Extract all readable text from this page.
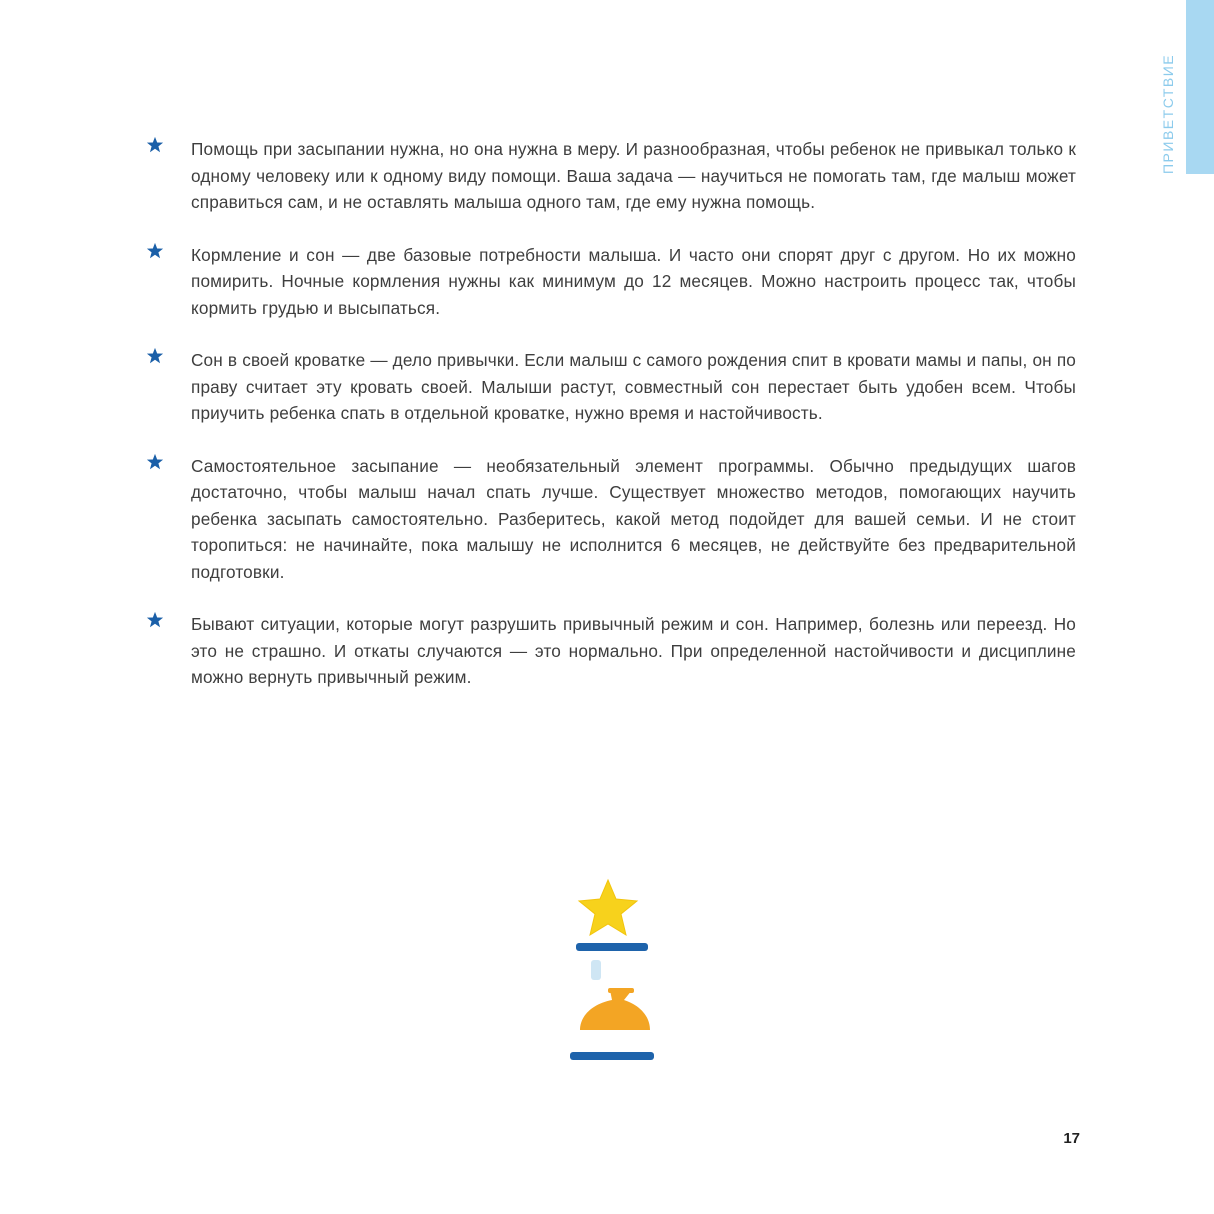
ПРИВЕТСТВИЕ
Помощь при засыпании нужна, но она нужна в меру. И разнообразная, чтобы ребенок не привыкал только к одному человеку или к одному виду помощи. Ваша задача — научиться не помогать там, где малыш может справиться сам, и не оставлять малыша одного там, где ему нужна помощь.
Кормление и сон — две базовые потребности малыша. И часто они спорят друг с другом. Но их можно помирить. Ночные кормления нужны как минимум до 12 месяцев. Можно настроить процесс так, чтобы кормить грудью и высыпаться.
Сон в своей кроватке — дело привычки. Если малыш с самого рождения спит в кровати мамы и папы, он по праву считает эту кровать своей. Малыши растут, совместный сон перестает быть удобен всем. Чтобы приучить ребенка спать в отдельной кроватке, нужно время и настойчивость.
Самостоятельное засыпание — необязательный элемент программы. Обычно предыдущих шагов достаточно, чтобы малыш начал спать лучше. Существует множество методов, помогающих научить ребенка засыпать самостоятельно. Разберитесь, какой метод подойдет для вашей семьи. И не стоит торопиться: не начинайте, пока малышу не исполнится 6 месяцев, не действуйте без предварительной подготовки.
Бывают ситуации, которые могут разрушить привычный режим и сон. Например, болезнь или переезд. Но это не страшно. И откаты случаются — это нормально. При определенной настойчивости и дисциплине можно вернуть привычный режим.
17
